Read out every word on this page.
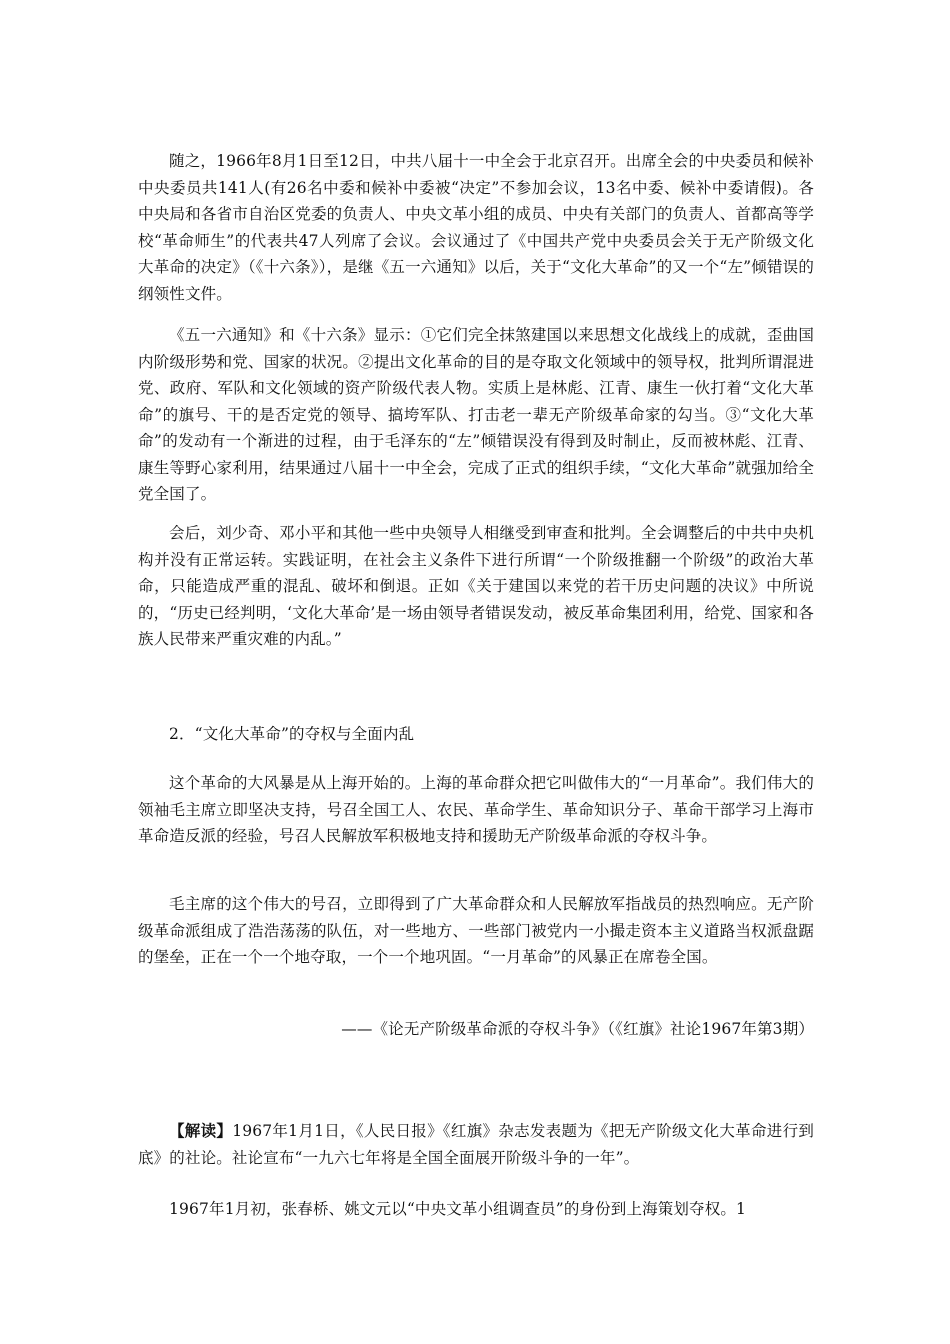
随之，1966年8月1日至12日，中共八届十一中全会于北京召开。出席全会的中央委员和候补中央委员共141人(有26名中委和候补中委被“决定”不参加会议，13名中委、候补中委请假)。各中央局和各省市自治区党委的负责人、中央文革小组的成员、中央有关部门的负责人、首都高等学校“革命师生”的代表共47人列席了会议。会议通过了《中国共产党中央委员会关于无产阶级文化大革命的决定》（《十六条》），是继《五一六通知》以后，关于“文化大革命”的又一个“左”倾错误的纲领性文件。

《五一六通知》和《十六条》显示：①它们完全抹煞建国以来思想文化战线上的成就，歪曲国内阶级形势和党、国家的状况。②提出文化革命的目的是夺取文化领域中的领导权，批判所谓混进党、政府、军队和文化领域的资产阶级代表人物。实质上是林彪、江青、康生一伙打着“文化大革命”的旗号、干的是否定党的领导、搞垮军队、打击老一辈无产阶级革命家的勾当。③“文化大革命”的发动有一个渐进的过程，由于毛泽东的“左”倾错误没有得到及时制止，反而被林彪、江青、康生等野心家利用，结果通过八届十一中全会，完成了正式的组织手续，“文化大革命”就强加给全党全国了。

会后，刘少奇、邓小平和其他一些中央领导人相继受到审查和批判。全会调整后的中共中央机构并没有正常运转。实践证明，在社会主义条件下进行所谓“一个阶级推翻一个阶级”的政治大革命，只能造成严重的混乱、破坏和倒退。正如《关于建国以来党的若干历史问题的决议》中所说的，“历史已经判明，‘文化大革命’是一场由领导者错误发动，被反革命集团利用，给党、国家和各族人民带来严重灾难的内乱。”

2．“文化大革命”的夺权与全面内乱

这个革命的大风暴是从上海开始的。上海的革命群众把它叫做伟大的“一月革命”。我们伟大的领袖毛主席立即坚决支持，号召全国工人、农民、革命学生、革命知识分子、革命干部学习上海市革命造反派的经验，号召人民解放军积极地支持和援助无产阶级革命派的夺权斗争。

毛主席的这个伟大的号召，立即得到了广大革命群众和人民解放军指战员的热烈响应。无产阶级革命派组成了浩浩荡荡的队伍，对一些地方、一些部门被党内一小撮走资本主义道路当权派盘踞的堡垒，正在一个一个地夺取，一个一个地巩固。“一月革命”的风暴正在席卷全国。

——《论无产阶级革命派的夺权斗争》（《红旗》社论1967年第3期）

【解读】1967年1月1日，《人民日报》《红旗》杂志发表题为《把无产阶级文化大革命进行到底》的社论。社论宣布“一九六七年将是全国全面展开阶级斗争的一年”。

1967年1月初，张春桥、姚文元以“中央文革小组调查员”的身份到上海策划夺权。1
